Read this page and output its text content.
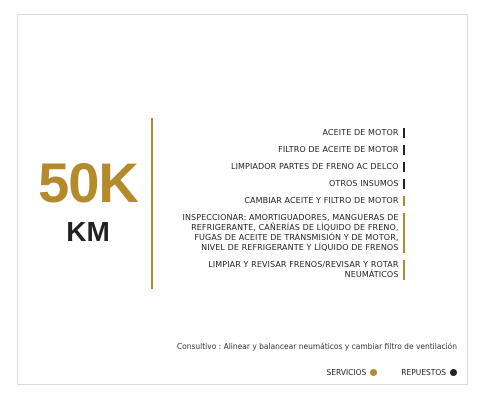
50K
KM
ACEITE DE MOTOR
FILTRO DE ACEITE DE MOTOR
LIMPIADOR PARTES DE FRENO AC DELCO
OTROS INSUMOS
CAMBIAR ACEITE Y FILTRO DE MOTOR
INSPECCIONAR: AMORTIGUADORES, MANGUERAS DE REFRIGERANTE, CAÑERÍAS DE LÍQUIDO DE FRENO, FUGAS DE ACEITE DE TRANSMISIÓN Y DE MOTOR, NIVEL DE REFRIGERANTE Y LÍQUIDO DE FRENOS
LIMPIAR Y REVISAR FRENOS/REVISAR Y ROTAR NEUMÁTICOS
Consultivo : Alinear y balancear neumáticos y cambiar filtro de ventilación
SERVICIOS	REPUESTOS
